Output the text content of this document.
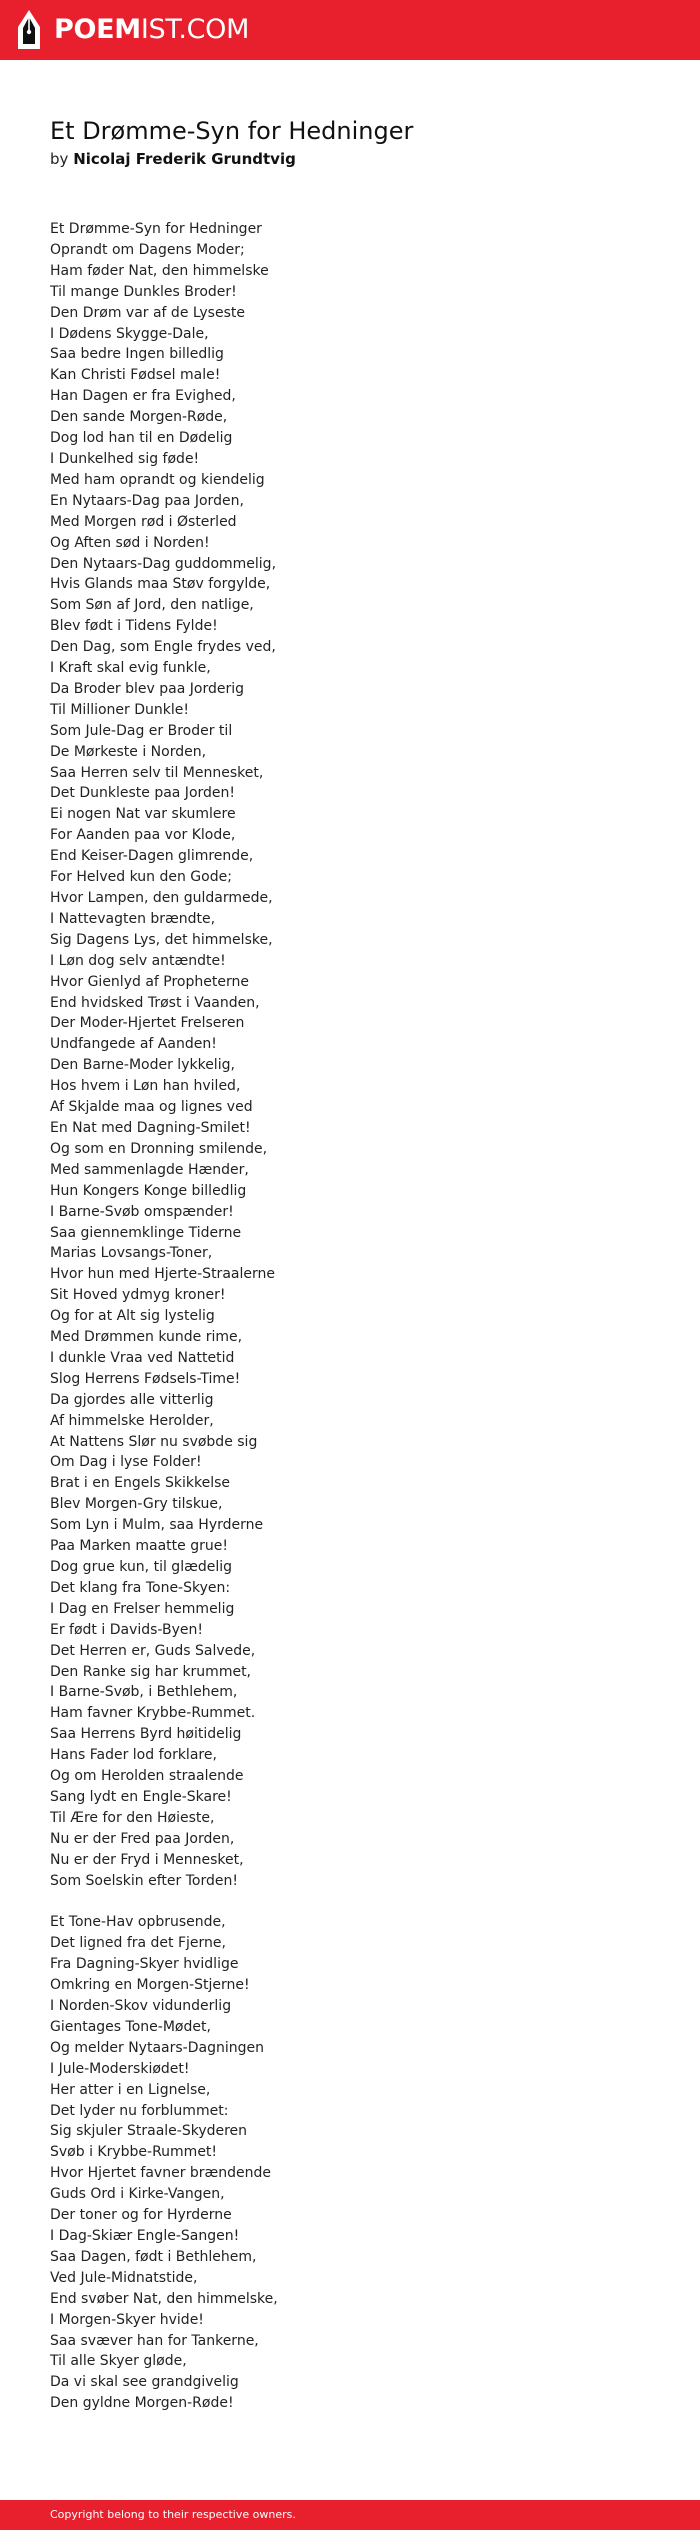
POEMIST.COM
Et Drømme-Syn for Hedninger
by Nicolaj Frederik Grundtvig
Et Drømme-Syn for Hedninger
Oprandt om Dagens Moder;
Ham føder Nat, den himmelske
Til mange Dunkles Broder!
Den Drøm var af de Lyseste
I Dødens Skygge-Dale,
Saa bedre Ingen billedlig
Kan Christi Fødsel male!
Han Dagen er fra Evighed,
Den sande Morgen-Røde,
Dog lod han til en Dødelig
I Dunkelhed sig føde!
Med ham oprandt og kiendelig
En Nytaars-Dag paa Jorden,
Med Morgen rød i Østerled
Og Aften sød i Norden!
Den Nytaars-Dag guddommelig,
Hvis Glands maa Støv forgylde,
Som Søn af Jord, den natlige,
Blev født i Tidens Fylde!
Den Dag, som Engle frydes ved,
I Kraft skal evig funkle,
Da Broder blev paa Jorderig
Til Millioner Dunkle!
Som Jule-Dag er Broder til
De Mørkeste i Norden,
Saa Herren selv til Mennesket,
Det Dunkleste paa Jorden!
Ei nogen Nat var skumlere
For Aanden paa vor Klode,
End Keiser-Dagen glimrende,
For Helved kun den Gode;
Hvor Lampen, den guldarmede,
I Nattevagten brændte,
Sig Dagens Lys, det himmelske,
I Løn dog selv antændte!
Hvor Gienlyd af Propheterne
End hvidsked Trøst i Vaanden,
Der Moder-Hjertet Frelseren
Undfangede af Aanden!
Den Barne-Moder lykkelig,
Hos hvem i Løn han hviled,
Af Skjalde maa og lignes ved
En Nat med Dagning-Smilet!
Og som en Dronning smilende,
Med sammenlagde Hænder,
Hun Kongers Konge billedlig
I Barne-Svøb omspænder!
Saa giennemklinge Tiderne
Marias Lovsangs-Toner,
Hvor hun med Hjerte-Straalerne
Sit Hoved ydmyg kroner!
Og for at Alt sig lystelig
Med Drømmen kunde rime,
I dunkle Vraa ved Nattetid
Slog Herrens Fødsels-Time!
Da gjordes alle vitterlig
Af himmelske Herolder,
At Nattens Slør nu svøbde sig
Om Dag i lyse Folder!
Brat i en Engels Skikkelse
Blev Morgen-Gry tilskue,
Som Lyn i Mulm, saa Hyrderne
Paa Marken maatte grue!
Dog grue kun, til glædelig
Det klang fra Tone-Skyen:
I Dag en Frelser hemmelig
Er født i Davids-Byen!
Det Herren er, Guds Salvede,
Den Ranke sig har krummet,
I Barne-Svøb, i Bethlehem,
Ham favner Krybbe-Rummet.
Saa Herrens Byrd høitidelig
Hans Fader lod forklare,
Og om Herolden straalende
Sang lydt en Engle-Skare!
Til Ære for den Høieste,
Nu er der Fred paa Jorden,
Nu er der Fryd i Mennesket,
Som Soelskin efter Torden!
Et Tone-Hav opbrusende,
Det ligned fra det Fjerne,
Fra Dagning-Skyer hvidlige
Omkring en Morgen-Stjerne!
I Norden-Skov vidunderlig
Gientages Tone-Mødet,
Og melder Nytaars-Dagningen
I Jule-Moderskiødet!
Her atter i en Lignelse,
Det lyder nu forblummet:
Sig skjuler Straale-Skyderen
Svøb i Krybbe-Rummet!
Hvor Hjertet favner brændende
Guds Ord i Kirke-Vangen,
Der toner og for Hyrderne
I Dag-Skiær Engle-Sangen!
Saa Dagen, født i Bethlehem,
Ved Jule-Midnatstide,
End svøber Nat, den himmelske,
I Morgen-Skyer hvide!
Saa svæver han for Tankerne,
Til alle Skyer gløde,
Da vi skal see grandgivelig
Den gyldne Morgen-Røde!
Copyright belong to their respective owners.
